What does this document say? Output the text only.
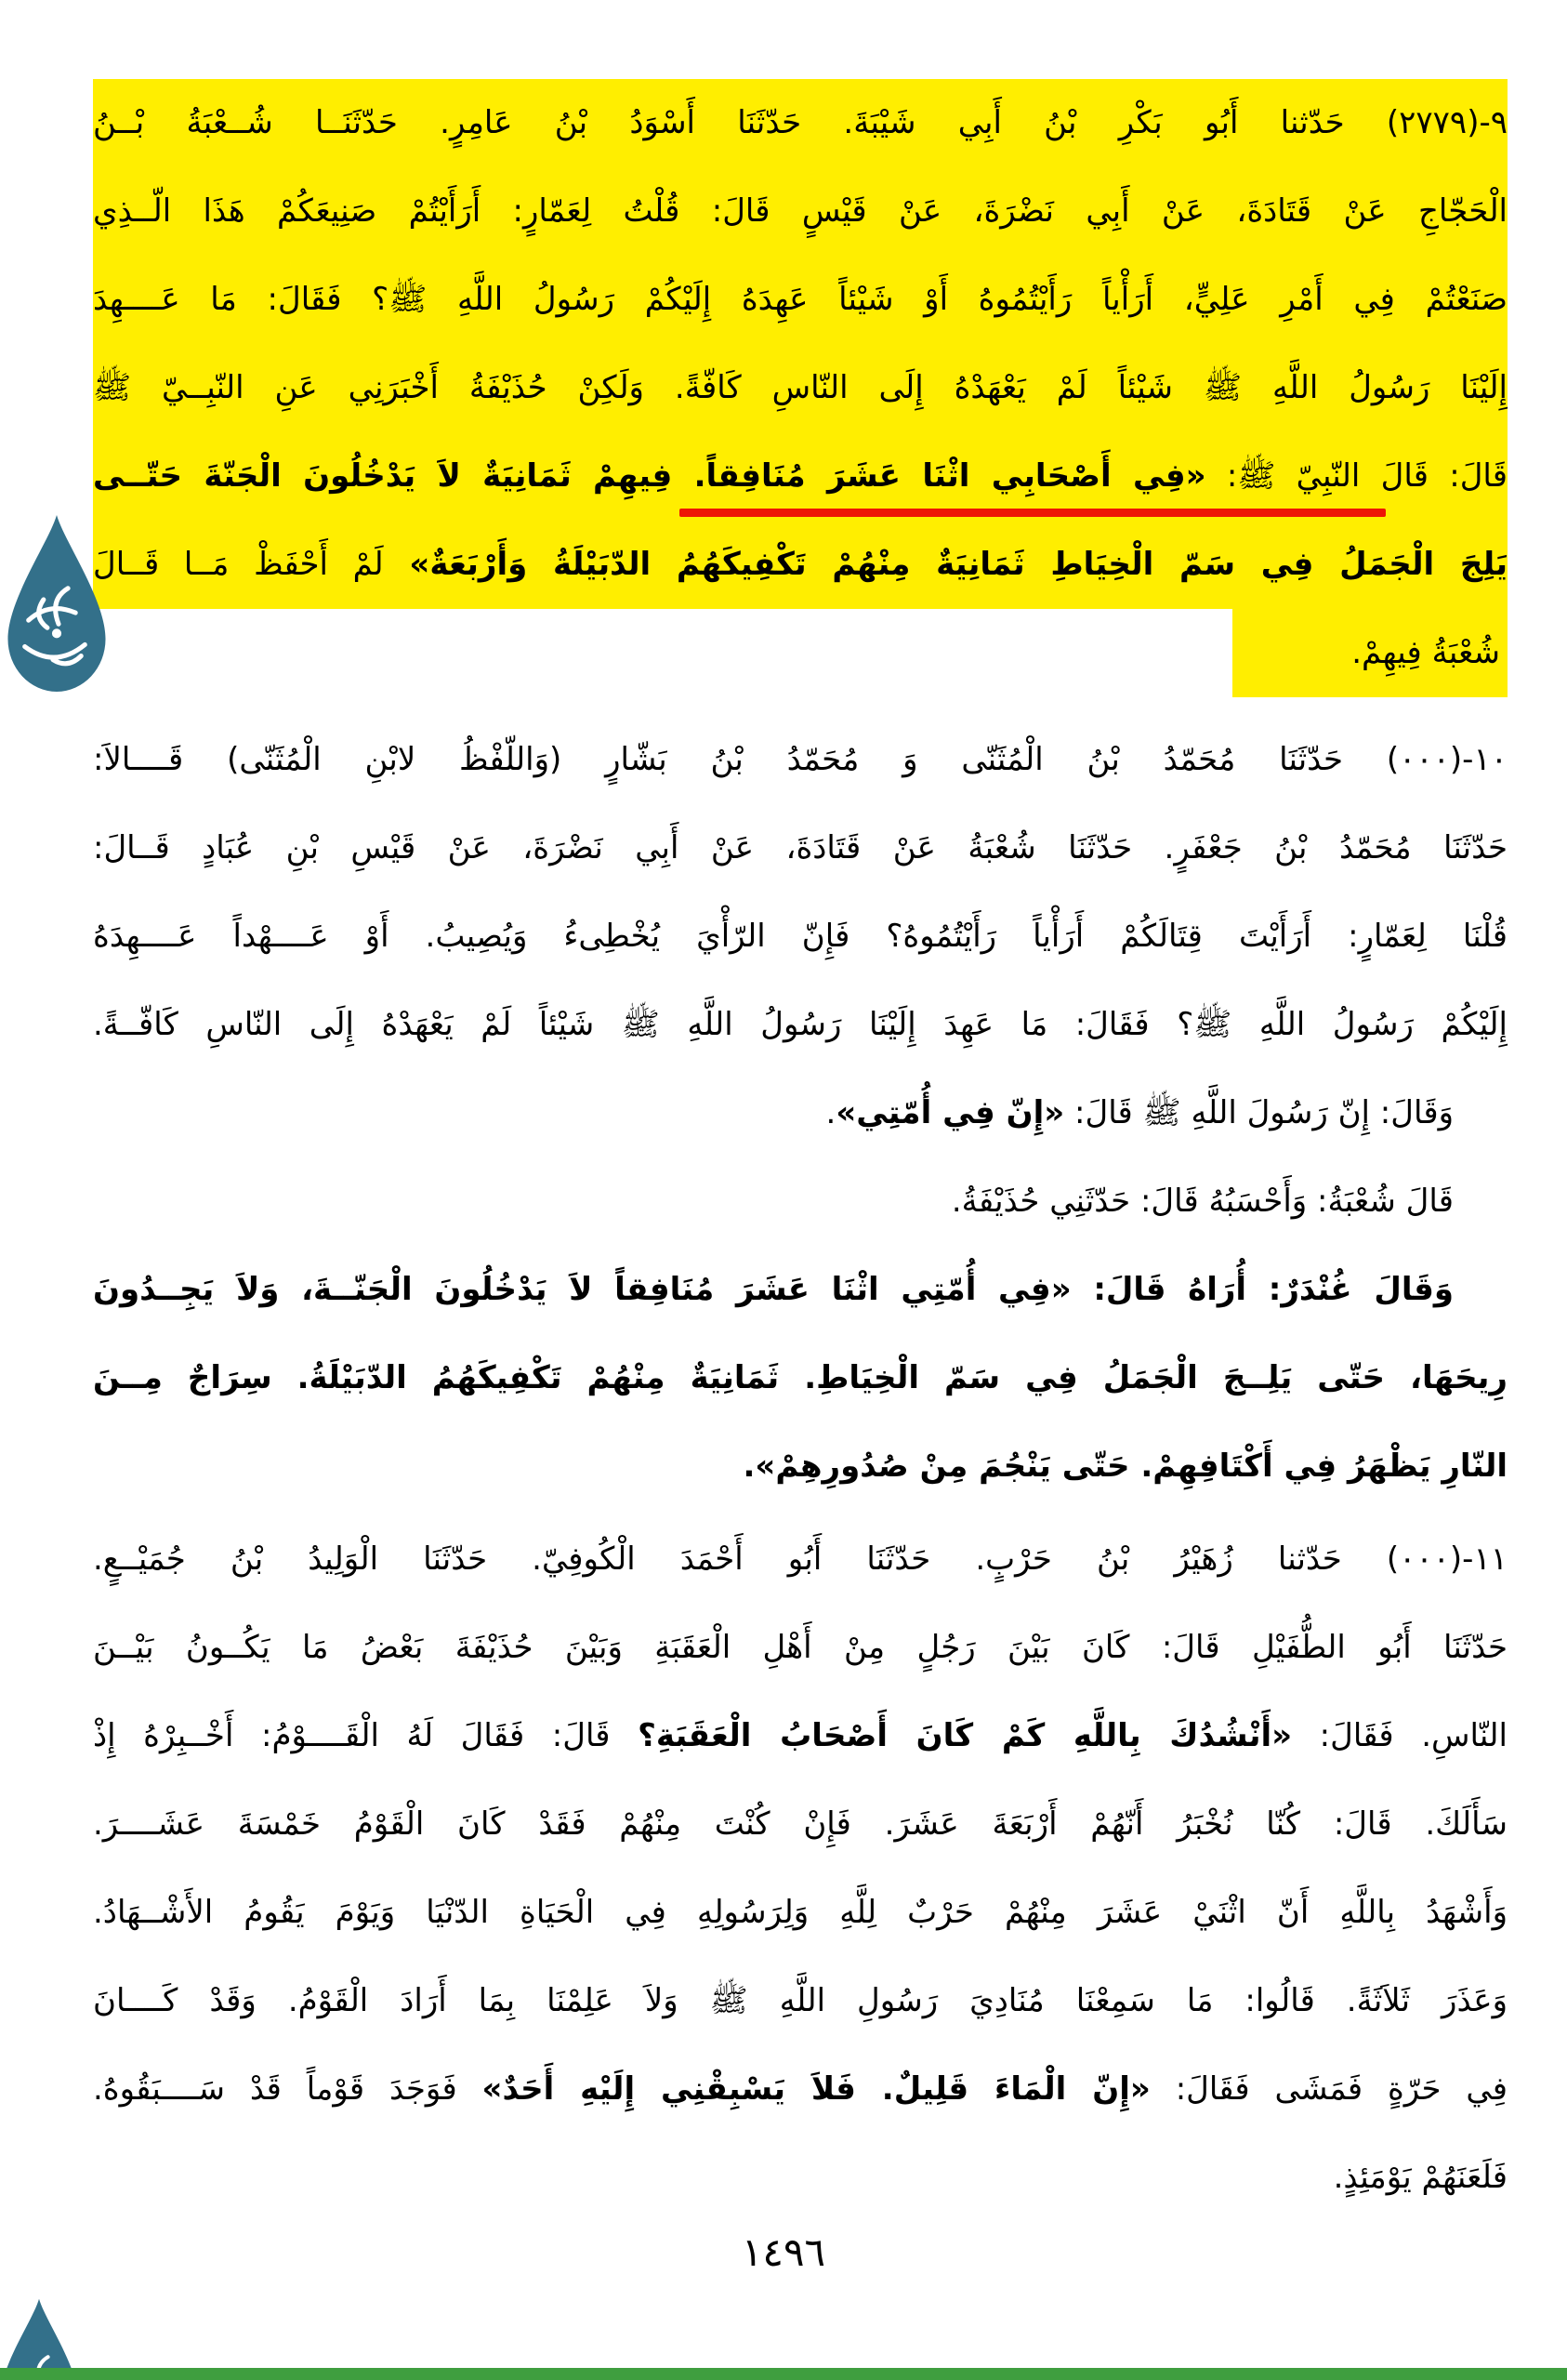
٩-(٢٧٧٩) حَدّثنا أَبُو بَكْرِ بْنُ أَبِي شَيْبَةَ. حَدّثَنَا أَسْوَدُ بْنُ عَامِرٍ. حَدّثَنَــا شُــعْبَةُ بْــنُ
الْحَجّاجِ عَنْ قَتَادَةَ، عَنْ أَبِي نَضْرَةَ، عَنْ قَيْسٍ قَالَ: قُلْتُ لِعَمّارٍ: أَرَأَيْتُمْ صَنِيعَكُمْ هَذَا الّــذِي
صَنَعْتُمْ فِي أَمْرِ عَلِيٍّ، أَرَأْياً رَأَيْتُمُوهُ أَوْ شَيْئاً عَهِدَهُ إِلَيْكُمْ رَسُولُ اللَّهِ ﷺ؟ فَقَالَ: مَا عَــــهِدَ
إِلَيْنَا رَسُولُ اللَّهِ ﷺ شَيْئاً لَمْ يَعْهَدْهُ إِلَى النّاسِ كَافّةً. وَلَكِنْ حُذَيْفَةُ أَخْبَرَنِي عَنِ النّبِــيّ ﷺ
قَالَ: قَالَ النّبِيّ ﷺ: «فِي أَصْحَابِي اثْنَا عَشَرَ مُنَافِقاً. فِيهِمْ ثَمَانِيَةٌ لاَ يَدْخُلُونَ الْجَنّةَ حَتّــى
يَلِجَ الْجَمَلُ فِي سَمّ الْخِيَاطِ ثَمَانِيَةٌ مِنْهُمْ تَكْفِيكَهُمُ الدّبَيْلَةُ وَأَرْبَعَةٌ» لَمْ أَحْفَظْ مَــا قَــالَ
شُعْبَةُ فِيهِمْ.
١٠-(٠٠٠) حَدّثَنَا مُحَمّدُ بْنُ الْمُثَنّى وَ مُحَمّدُ بْنُ بَشّارٍ (وَاللّفْظُ لابْنِ الْمُثَنّى) قَــــالاَ:
حَدّثَنَا مُحَمّدُ بْنُ جَعْفَرٍ. حَدّثَنَا شُعْبَةُ عَنْ قَتَادَةَ، عَنْ أَبِي نَضْرَةَ، عَنْ قَيْسِ بْنِ عُبَادٍ قَــالَ:
قُلْنَا لِعَمّارٍ: أَرَأَيْتَ قِتَالَكُمْ أَرَأْياً رَأَيْتُمُوهُ؟ فَإِنّ الرّأْيَ يُخْطِىءُ وَيُصِيبُ. أَوْ عَــــهْداً عَــــهِدَهُ
إِلَيْكُمْ رَسُولُ اللَّهِ ﷺ؟ فَقَالَ: مَا عَهِدَ إِلَيْنَا رَسُولُ اللَّهِ ﷺ شَيْئاً لَمْ يَعْهَدْهُ إِلَى النّاسِ كَافّــةً.
وَقَالَ: إِنّ رَسُولَ اللَّهِ ﷺ قَالَ: «إِنّ فِي أُمّتِي».
قَالَ شُعْبَةُ: وَأَحْسَبُهُ قَالَ: حَدّثَنِي حُذَيْفَةُ.
وَقَالَ غُنْدَرٌ: أُرَاهُ قَالَ: «فِي أُمّتِي اثْنَا عَشَرَ مُنَافِقاً لاَ يَدْخُلُونَ الْجَنّــةَ، وَلاَ يَجِــدُونَ
رِيحَهَا، حَتّى يَلِــجَ الْجَمَلُ فِي سَمّ الْخِيَاطِ. ثَمَانِيَةٌ مِنْهُمْ تَكْفِيكَهُمُ الدّبَيْلَةُ. سِرَاجٌ مِــنَ
النّارِ يَظْهَرُ فِي أَكْتَافِهِمْ. حَتّى يَنْجُمَ مِنْ صُدُورِهِمْ».
١١-(٠٠٠) حَدّثنا زُهَيْرُ بْنُ حَرْبٍ. حَدّثَنَا أَبُو أَحْمَدَ الْكُوفِيّ. حَدّثَنَا الْوَلِيدُ بْنُ جُمَيْــعٍ.
حَدّثَنَا أَبُو الطُّفَيْلِ قَالَ: كَانَ بَيْنَ رَجُلٍ مِنْ أَهْلِ الْعَقَبَةِ وَبَيْنَ حُذَيْفَةَ بَعْضُ مَا يَكُــونُ بَيْــنَ
النّاسِ. فَقَالَ: «أَنْشُدُكَ بِاللَّهِ كَمْ كَانَ أَصْحَابُ الْعَقَبَةِ؟ قَالَ: فَقَالَ لَهُ الْقَــــوْمُ: أَخْــبِرْهُ إِذْ
سَأَلَكَ. قَالَ: كُنّا نُخْبَرُ أَنّهُمْ أَرْبَعَةَ عَشَرَ. فَإِنْ كُنْتَ مِنْهُمْ فَقَدْ كَانَ الْقَوْمُ خَمْسَةَ عَشَــــرَ.
وَأَشْهَدُ بِاللَّهِ أَنّ اثْنَيْ عَشَرَ مِنْهُمْ حَرْبٌ لِلَّهِ وَلِرَسُولِهِ فِي الْحَيَاةِ الدّنْيَا وَيَوْمَ يَقُومُ الأَشْــهَادُ.
وَعَذَرَ ثَلاَثَةً. قَالُوا: مَا سَمِعْنَا مُنَادِيَ رَسُولِ اللَّهِ ﷺ وَلاَ عَلِمْنَا بِمَا أَرَادَ الْقَوْمُ. وَقَدْ كَــــانَ
فِي حَرّةٍ فَمَشَى فَقَالَ: «إِنّ الْمَاءَ قَلِيلٌ. فَلاَ يَسْبِقْنِي إِلَيْهِ أَحَدٌ» فَوَجَدَ قَوْماً قَدْ سَــــبَقُوهُ.
فَلَعَنَهُمْ يَوْمَئِذٍ.
١٤٩٦
